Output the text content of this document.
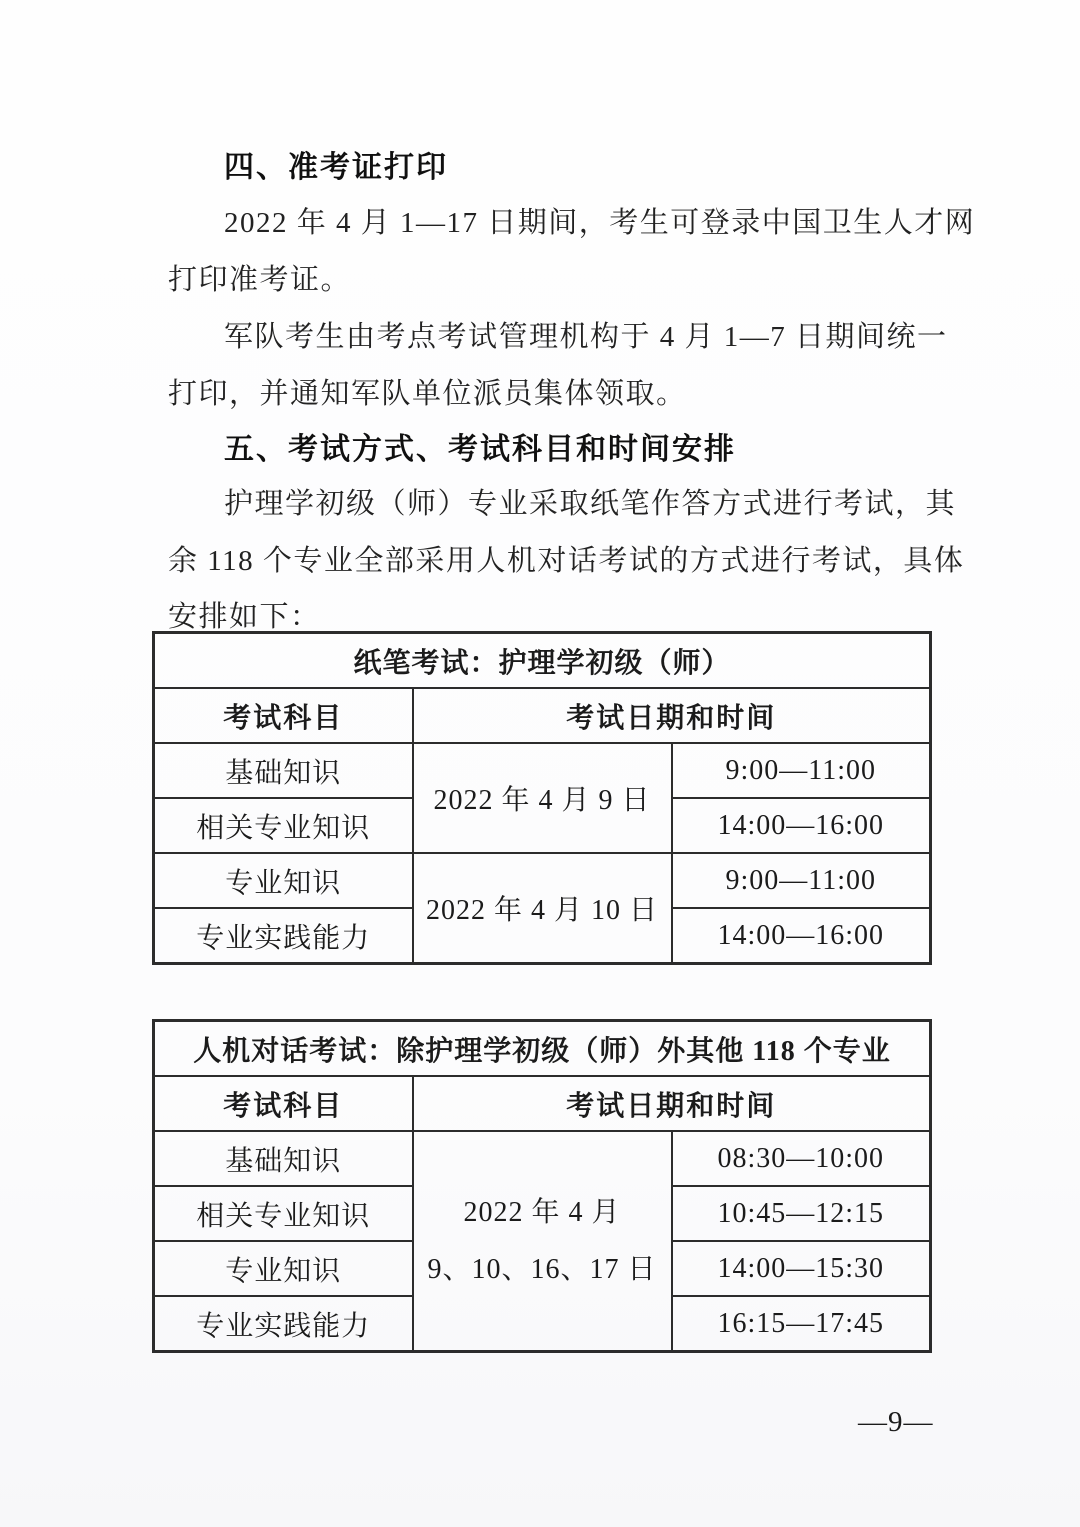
四、准考证打印
2022 年 4 月 1—17 日期间，考生可登录中国卫生人才网
打印准考证。
军队考生由考点考试管理机构于 4 月 1—7 日期间统一
打印，并通知军队单位派员集体领取。
五、考试方式、考试科目和时间安排
护理学初级（师）专业采取纸笔作答方式进行考试，其
余 118 个专业全部采用人机对话考试的方式进行考试，具体
安排如下：
纸笔考试：护理学初级（师）		
考试科目	考试日期和时间	
基础知识	2022 年 4 月 9 日	9:00—11:00
相关专业知识		14:00—16:00
专业知识	2022 年 4 月 10 日	9:00—11:00
专业实践能力		14:00—16:00
人机对话考试：除护理学初级（师）外其他 118 个专业		
考试科目	考试日期和时间	
基础知识	2022 年 4 月
9、10、16、17 日	08:30—10:00
相关专业知识		10:45—12:15
专业知识		14:00—15:30
专业实践能力		16:15—17:45
—9—
